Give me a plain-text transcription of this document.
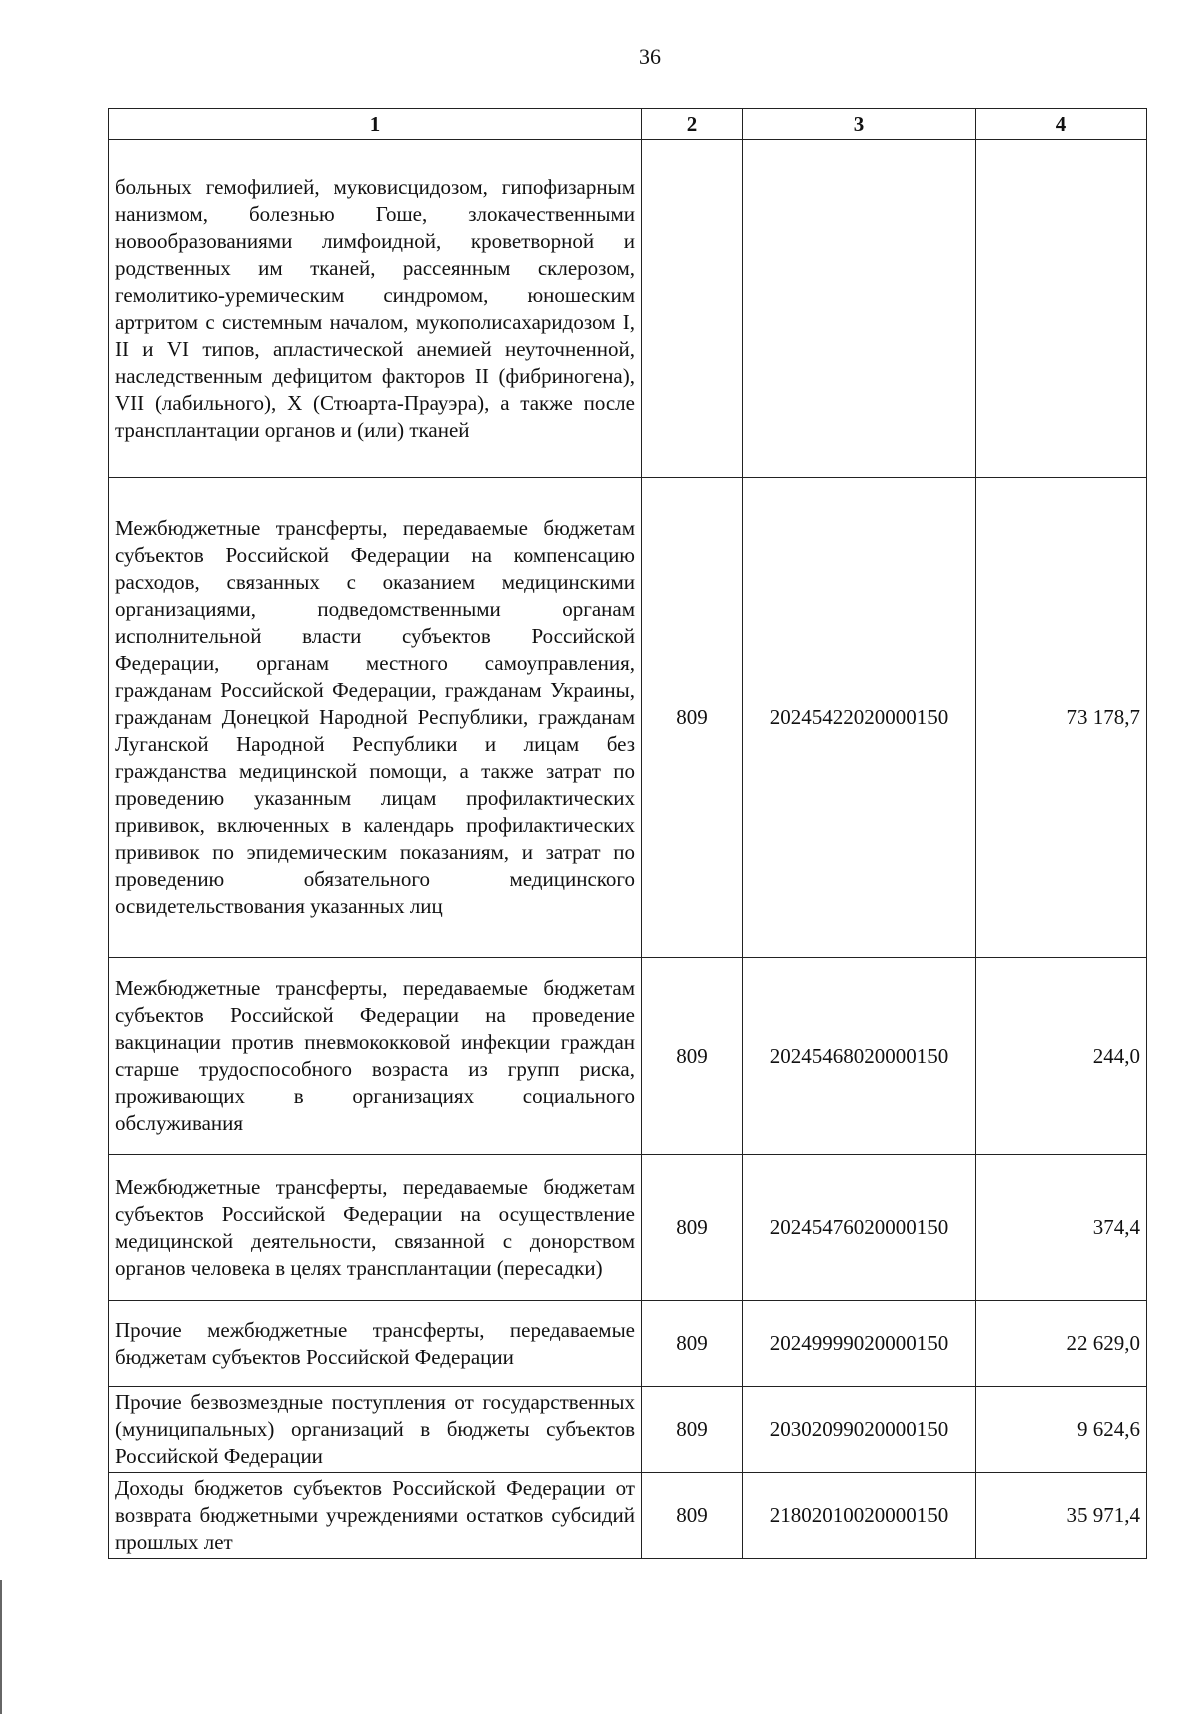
36
1	2	3	4
больных гемофилией, муковисцидозом, гипофизарным нанизмом, болезнью Гоше, злокачественными новообразованиями лимфоидной, кроветворной и родственных им тканей, рассеянным склерозом, гемолитико-уремическим синдромом, юношеским артритом с системным началом, мукополисахаридозом I, II и VI типов, апластической анемией неуточненной, наследственным дефицитом факторов II (фибриногена), VII (лабильного), X (Стюарта-Прауэра), а также после трансплантации органов и (или) тканей			
Межбюджетные трансферты, передаваемые бюджетам субъектов Российской Федерации на компенсацию расходов, связанных с оказанием медицинскими организациями, подведомственными органам исполнительной власти субъектов Российской Федерации, органам местного самоуправления, гражданам Российской Федерации, гражданам Украины, гражданам Донецкой Народной Республики, гражданам Луганской Народной Республики и лицам без гражданства медицинской помощи, а также затрат по проведению указанным лицам профилактических прививок, включенных в календарь профилактических прививок по эпидемическим показаниям, и затрат по проведению обязательного медицинского освидетельствования указанных лиц	809	20245422020000150	73 178,7
Межбюджетные трансферты, передаваемые бюджетам субъектов Российской Федерации на проведение вакцинации против пневмококковой инфекции граждан старше трудоспособного возраста из групп риска, проживающих в организациях социального обслуживания	809	20245468020000150	244,0
Межбюджетные трансферты, передаваемые бюджетам субъектов Российской Федерации на осуществление медицинской деятельности, связанной с донорством органов человека в целях трансплантации (пересадки)	809	20245476020000150	374,4
Прочие межбюджетные трансферты, передаваемые бюджетам субъектов Российской Федерации	809	20249999020000150	22 629,0
Прочие безвозмездные поступления от государственных (муниципальных) организаций в бюджеты субъектов Российской Федерации	809	20302099020000150	9 624,6
Доходы бюджетов субъектов Российской Федерации от возврата бюджетными учреждениями остатков субсидий прошлых лет	809	21802010020000150	35 971,4
